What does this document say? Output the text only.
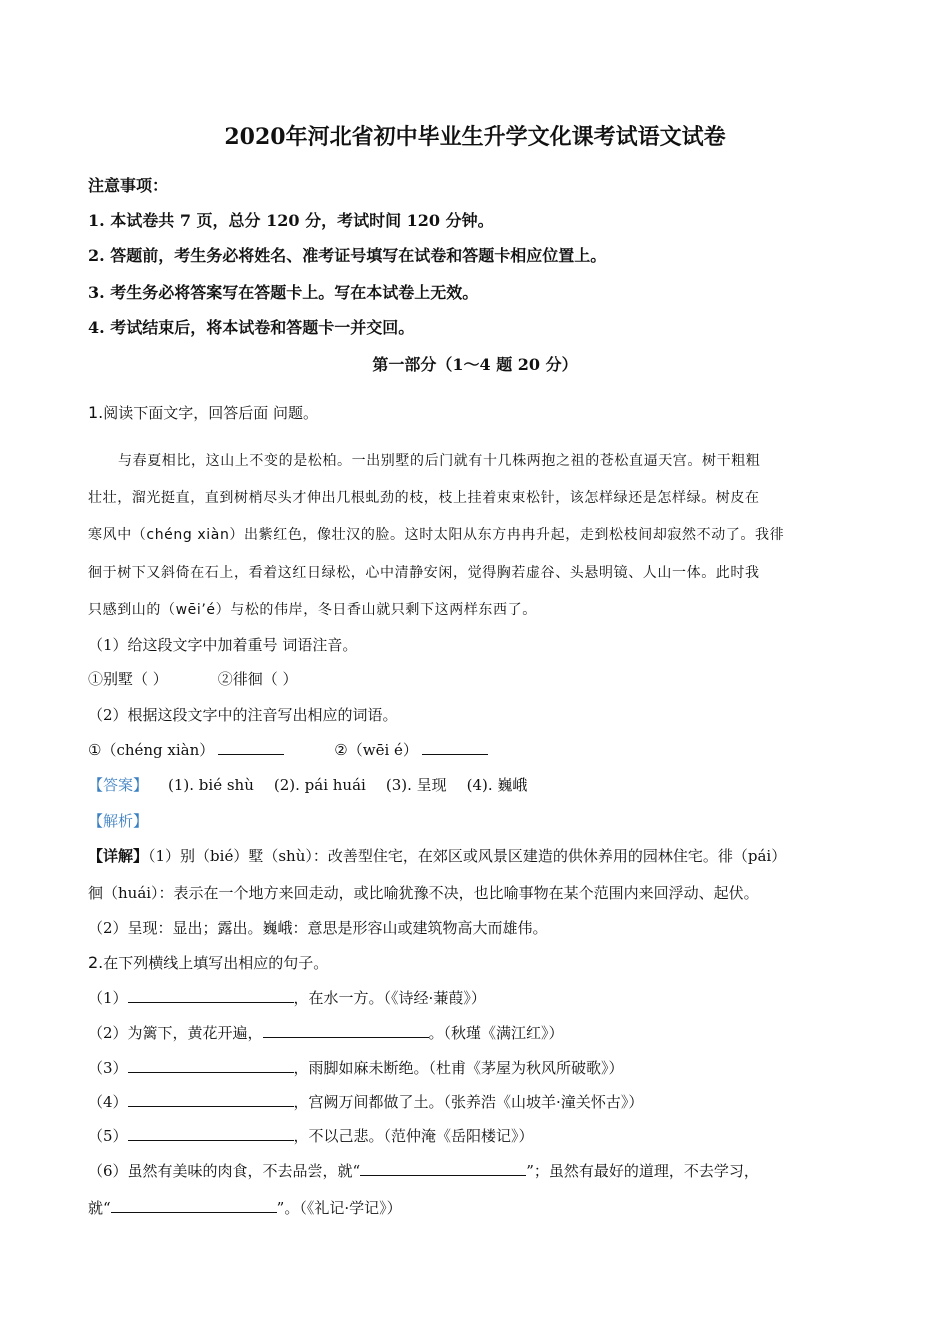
2020年河北省初中毕业生升学文化课考试语文试卷
注意事项：
1. 本试卷共 7 页，总分 120 分，考试时间 120 分钟。
2. 答题前，考生务必将姓名、准考证号填写在试卷和答题卡相应位置上。
3. 考生务必将答案写在答题卡上。写在本试卷上无效。
4. 考试结束后，将本试卷和答题卡一并交回。
第一部分（1～4 题 20 分）
1.阅读下面文字，回答后面 问题。
与春夏相比，这山上不变的是松柏。一出别墅的后门就有十几株两抱之祖的苍松直逼天宫。树干粗粗
壮壮，溜光挺直，直到树梢尽头才伸出几根虬劲的枝，枝上挂着束束松针，该怎样绿还是怎样绿。树皮在
寒风中（chéng xiàn）出紫红色，像壮汉的脸。这时太阳从东方冉冉升起，走到松枝间却寂然不动了。我徘
徊于树下又斜倚在石上，看着这红日绿松，心中清静安闲，觉得胸若虚谷、头悬明镜、人山一体。此时我
只感到山的（wēi’é）与松的伟岸，冬日香山就只剩下这两样东西了。
（1）给这段文字中加着重号 词语注音。
①别墅（ ）	②徘徊（ ）
（2）根据这段文字中的注音写出相应的词语。
①（chéng xiàn）	②（wēi é）
【答案】 (1). bié shù (2). pái huái (3). 呈现 (4). 巍峨
【解析】
【详解】（1）别（bié）墅（shù）：改善型住宅，在郊区或风景区建造的供休养用的园林住宅。徘（pái）
徊（huái）：表示在一个地方来回走动，或比喻犹豫不决，也比喻事物在某个范围内来回浮动、起伏。
（2）呈现：显出；露出。巍峨：意思是形容山或建筑物高大而雄伟。
2.在下列横线上填写出相应的句子。
（1）	，在水一方。（《诗经·蒹葭》）
（2）为篱下，黄花开遍，	。（秋瑾《满江红》）
（3）	，雨脚如麻未断绝。（杜甫《茅屋为秋风所破歌》）
（4）	，宫阙万间都做了土。（张养浩《山坡羊·潼关怀古》）
（5）	，不以己悲。（范仲淹《岳阳楼记》）
（6）虽然有美味的肉食，不去品尝，就“	”；虽然有最好的道理，不去学习，
就“	”。（《礼记·学记》）
